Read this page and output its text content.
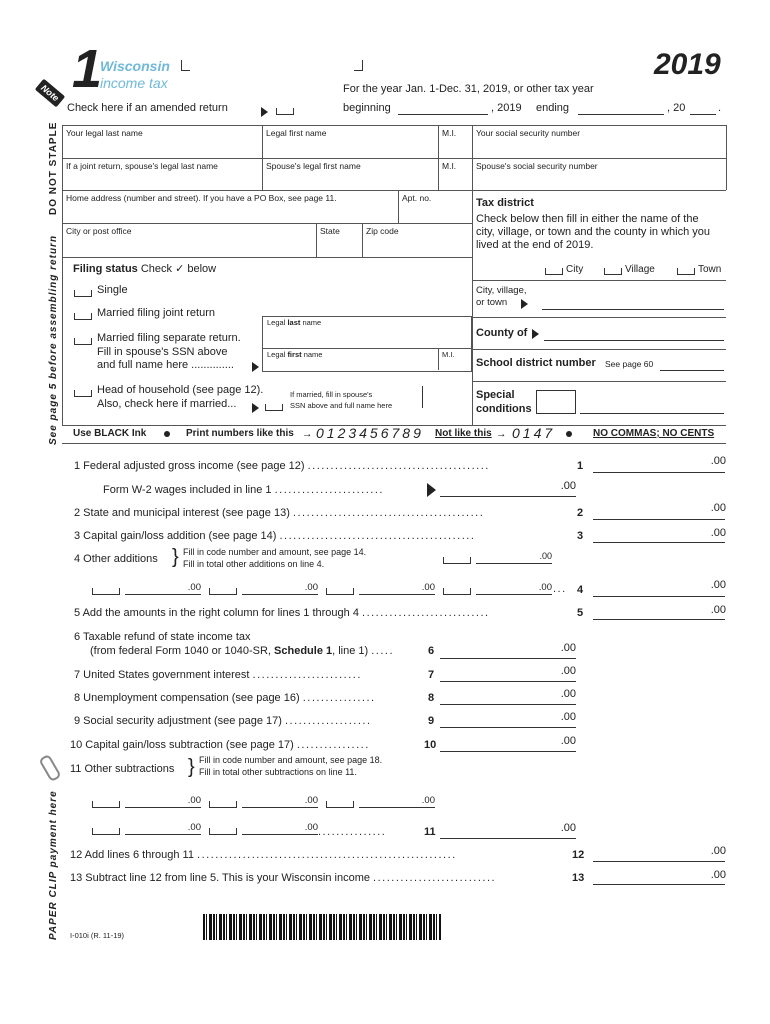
1
Wisconsin
income tax
2019
For the year Jan. 1-Dec. 31, 2019, or other tax year
beginning	, 2019 ending	, 20	.
Note
Check here if an amended return
DO NOT STAPLE
See page 5 before assembling return
PAPER CLIP payment here
Your legal last name	Legal first name	M.I. Your social security number
If a joint return, spouse's legal last name	Spouse's legal first name	M.I. Spouse's social security number
Home address (number and street). If you have a PO Box, see page 11.	Apt. no.
City or post office	State	Zip code
Tax district
Check below then fill in either the name of the
city, village, or town and the county in which you
lived at the end of 2019.
City	Village	Town
City, village,
or town
County of
School district number See page 60
Special
conditions
Filing status Check ✓ below
Single
Married filing joint return
Married filing separate return.
Fill in spouse's SSN above
and full name here ..............
Legal last name
Legal first name	M.I.
Head of household (see page 12).
Also, check here if married...
If married, fill in spouse's
SSN above and full name here
Use BLACK Ink	Print numbers like this → 0123456789 Not like this → 0147	NO COMMAS; NO CENTS
1 Federal adjusted gross income (see page 12) ........................................	1	.00
Form W-2 wages included in line 1 ........................	.00
2 State and municipal interest (see page 13) ..........................................	2	.00
3 Capital gain/loss addition (see page 14) ...........................................	3	.00
4 Other additions } Fill in code number and amount, see page 14.
Fill in total other additions on line 4.
.00
.00	.00	.00	.00 ... 4	.00
5 Add the amounts in the right column for lines 1 through 4 ............................	5	.00
6 Taxable refund of state income tax
(from federal Form 1040 or 1040-SR, Schedule 1, line 1) .....	6	.00
7 United States government interest ........................	7	.00
8 Unemployment compensation (see page 16) ................	8	.00
9 Social security adjustment (see page 17) ...................	9	.00
10 Capital gain/loss subtraction (see page 17) ................	10	.00
11 Other subtractions } Fill in code number and amount, see page 18.
Fill in total other subtractions on line 11.
.00	.00	.00
.00	.00 ...............	11	.00
12 Add lines 6 through 11 .........................................................	12	.00
13 Subtract line 12 from line 5. This is your Wisconsin income ...........................	13	.00
I-010i (R. 11-19)
